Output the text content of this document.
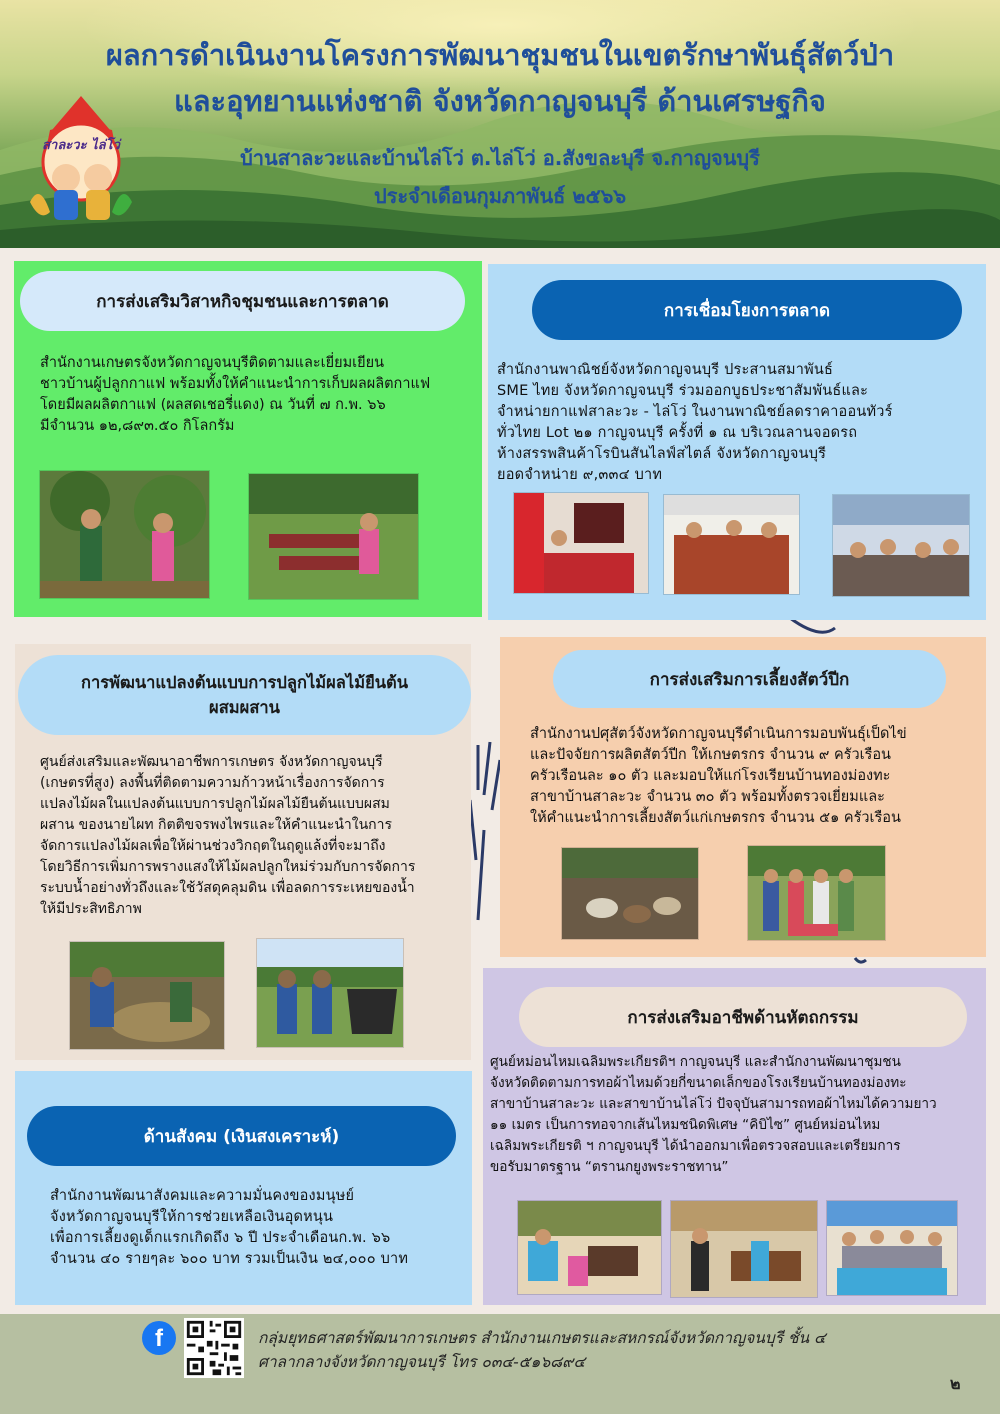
สาละวะ ไล่โว่
ผลการดำเนินงานโครงการพัฒนาชุมชนในเขตรักษาพันธุ์สัตว์ป่า
และอุทยานแห่งชาติ จังหวัดกาญจนบุรี ด้านเศรษฐกิจ
บ้านสาละวะและบ้านไล่โว่ ต.ไล่โว่ อ.สังขละบุรี จ.กาญจนบุรี
ประจำเดือนกุมภาพันธ์ ๒๕๖๖
การส่งเสริมวิสาหกิจชุมชนและการตลาด
สำนักงานเกษตรจังหวัดกาญจนบุรีติดตามและเยี่ยมเยียน
ชาวบ้านผู้ปลูกกาแฟ พร้อมทั้งให้คำแนะนำการเก็บผลผลิตกาแฟ
โดยมีผลผลิตกาแฟ (ผลสดเชอรี่แดง) ณ วันที่ ๗ ก.พ. ๖๖
มีจำนวน ๑๒,๘๙๓.๕๐ กิโลกรัม
การเชื่อมโยงการตลาด
สำนักงานพาณิชย์จังหวัดกาญจนบุรี ประสานสมาพันธ์
SME ไทย จังหวัดกาญจนบุรี ร่วมออกบูธประชาสัมพันธ์และ
จำหน่ายกาแฟสาละวะ - ไล่โว่ ในงานพาณิชย์ลดราคาออนทัวร์
ทั่วไทย Lot ๒๑ กาญจนบุรี ครั้งที่ ๑ ณ บริเวณลานจอดรถ
ห้างสรรพสินค้าโรบินสันไลฟ์สไตล์ จังหวัดกาญจนบุรี
ยอดจำหน่าย ๙,๓๓๔ บาท
การพัฒนาแปลงต้นแบบการปลูกไม้ผลไม้ยืนต้น
ผสมผสาน
ศูนย์ส่งเสริมและพัฒนาอาชีพการเกษตร จังหวัดกาญจนบุรี
(เกษตรที่สูง) ลงพื้นที่ติดตามความก้าวหน้าเรื่องการจัดการ
แปลงไม้ผลในแปลงต้นแบบการปลูกไม้ผลไม้ยืนต้นแบบผสม
ผสาน ของนายไผท กิตติขจรพงไพรและให้คำแนะนำในการ
จัดการแปลงไม้ผลเพื่อให้ผ่านช่วงวิกฤตในฤดูแล้งที่จะมาถึง
โดยวิธีการเพิ่มการพรางแสงให้ไม้ผลปลูกใหม่ร่วมกับการจัดการ
ระบบน้ำอย่างทั่วถึงและใช้วัสดุคลุมดิน เพื่อลดการระเหยของน้ำ
ให้มีประสิทธิภาพ
การส่งเสริมการเลี้ยงสัตว์ปีก
สำนักงานปศุสัตว์จังหวัดกาญจนบุรีดำเนินการมอบพันธุ์เป็ดไข่
และปัจจัยการผลิตสัตว์ปีก ให้เกษตรกร จำนวน ๙ ครัวเรือน
ครัวเรือนละ ๑๐ ตัว และมอบให้แก่โรงเรียนบ้านทองม่องทะ
สาขาบ้านสาละวะ จำนวน ๓๐ ตัว พร้อมทั้งตรวจเยี่ยมและ
ให้คำแนะนำการเลี้ยงสัตว์แก่เกษตรกร จำนวน ๕๑ ครัวเรือน
ด้านสังคม (เงินสงเคราะห์)
สำนักงานพัฒนาสังคมและความมั่นคงของมนุษย์
จังหวัดกาญจนบุรีให้การช่วยเหลือเงินอุดหนุน
เพื่อการเลี้ยงดูเด็กแรกเกิดถึง ๖ ปี ประจำเดือนก.พ. ๖๖
จำนวน ๔๐ รายๆละ ๖๐๐ บาท รวมเป็นเงิน ๒๔,๐๐๐ บาท
การส่งเสริมอาชีพด้านหัตถกรรม
ศูนย์หม่อนไหมเฉลิมพระเกียรติฯ กาญจนบุรี และสำนักงานพัฒนาชุมชน
จังหวัดติดตามการทอผ้าไหมด้วยกี่ขนาดเล็กของโรงเรียนบ้านทองม่องทะ
สาขาบ้านสาละวะ และสาขาบ้านไล่โว่ ปัจจุบันสามารถทอผ้าไหมได้ความยาว
๑๑ เมตร เป็นการทอจากเส้นไหมชนิดพิเศษ “คิบิไซ” ศูนย์หม่อนไหม
เฉลิมพระเกียรติ ฯ กาญจนบุรี ได้นำออกมาเพื่อตรวจสอบและเตรียมการ
ขอรับมาตรฐาน “ตรานกยูงพระราชทาน”
f	กลุ่มยุทธศาสตร์พัฒนาการเกษตร สำนักงานเกษตรและสหกรณ์จังหวัดกาญจนบุรี ชั้น ๔
ศาลากลางจังหวัดกาญจนบุรี โทร ๐๓๔-๕๑๖๘๙๔
๒
